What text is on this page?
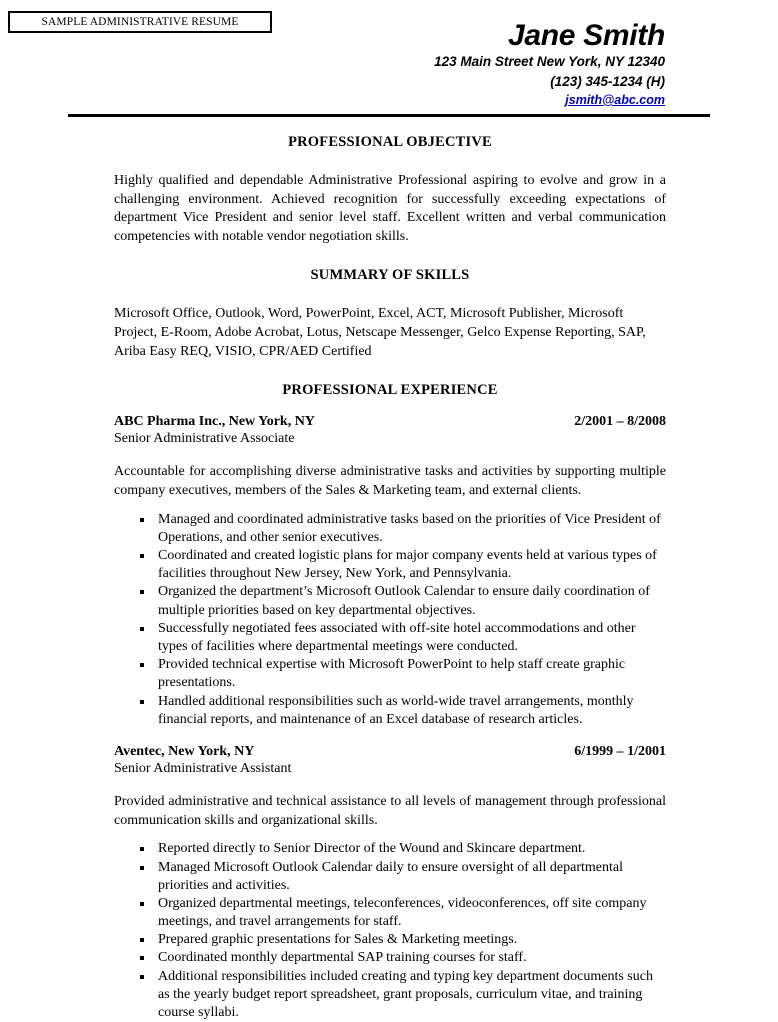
SAMPLE ADMINISTRATIVE RESUME	Jane Smith
123 Main Street New York, NY 12340
(123) 345-1234 (H)
jsmith@abc.com
PROFESSIONAL OBJECTIVE

Highly qualified and dependable Administrative Professional aspiring to evolve and grow in a challenging environment. Achieved recognition for successfully exceeding expectations of department Vice President and senior level staff. Excellent written and verbal communication competencies with notable vendor negotiation skills.

SUMMARY OF SKILLS

Microsoft Office, Outlook, Word, PowerPoint, Excel, ACT, Microsoft Publisher, Microsoft Project, E-Room, Adobe Acrobat, Lotus, Netscape Messenger, Gelco Expense Reporting, SAP, Ariba Easy REQ, VISIO, CPR/AED Certified

PROFESSIONAL EXPERIENCE
ABC Pharma Inc., New York, NY	2/2001 – 8/2008
Senior Administrative Associate

Accountable for accomplishing diverse administrative tasks and activities by supporting multiple company executives, members of the Sales & Marketing team, and external clients.

Managed and coordinated administrative tasks based on the priorities of Vice President of Operations, and other senior executives.
Coordinated and created logistic plans for major company events held at various types of facilities throughout New Jersey, New York, and Pennsylvania.
Organized the department’s Microsoft Outlook Calendar to ensure daily coordination of multiple priorities based on key departmental objectives.
Successfully negotiated fees associated with off-site hotel accommodations and other types of facilities where departmental meetings were conducted.
Provided technical expertise with Microsoft PowerPoint to help staff create graphic presentations.
Handled additional responsibilities such as world-wide travel arrangements, monthly financial reports, and maintenance of an Excel database of research articles.
Aventec, New York, NY	6/1999 – 1/2001
Senior Administrative Assistant

Provided administrative and technical assistance to all levels of management through professional communication skills and organizational skills.

Reported directly to Senior Director of the Wound and Skincare department.
Managed Microsoft Outlook Calendar daily to ensure oversight of all departmental priorities and activities.
Organized departmental meetings, teleconferences, videoconferences, off site company meetings, and travel arrangements for staff.
Prepared graphic presentations for Sales & Marketing meetings.
Coordinated monthly departmental SAP training courses for staff.
Additional responsibilities included creating and typing key department documents such as the yearly budget report spreadsheet, grant proposals, curriculum vitae, and training course syllabi.
